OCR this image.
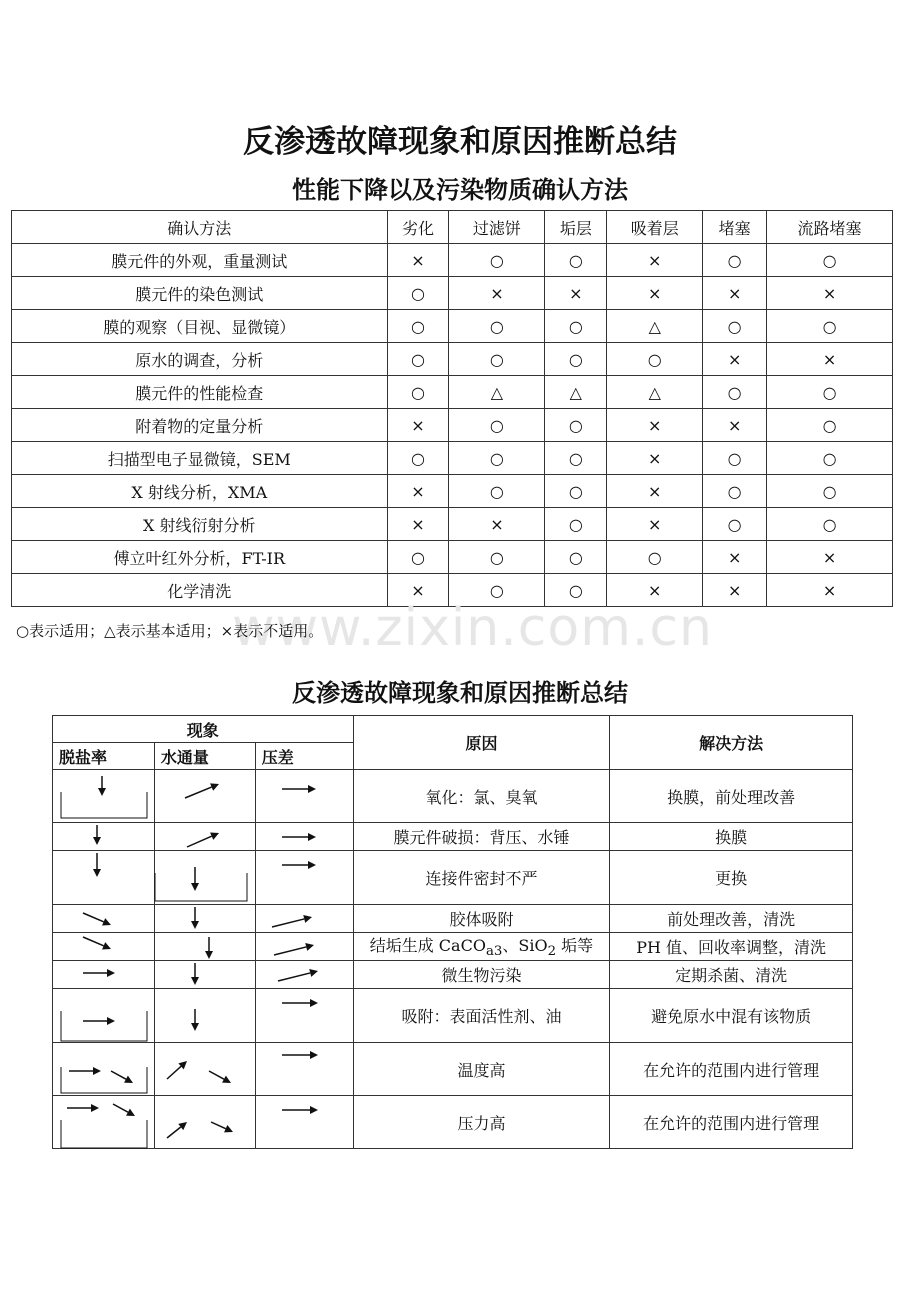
反渗透故障现象和原因推断总结
性能下降以及污染物质确认方法
确认方法	劣化	过滤饼	垢层	吸着层	堵塞	流路堵塞
膜元件的外观，重量测试	×	○	○	×	○	○
膜元件的染色测试	○	×	×	×	×	×
膜的观察（目视、显微镜）	○	○	○	△	○	○
原水的调查，分析	○	○	○	○	×	×
膜元件的性能检查	○	△	△	△	○	○
附着物的定量分析	×	○	○	×	×	○
扫描型电子显微镜，SEM	○	○	○	×	○	○
X 射线分析，XMA	×	○	○	×	○	○
X 射线衍射分析	×	×	○	×	○	○
傅立叶红外分析，FT-IR	○	○	○	○	×	×
化学清洗	×	○	○	×	×	×
www.zixin.com.cn
○表示适用；△表示基本适用；×表示不适用。
反渗透故障现象和原因推断总结
现象			原因	解决方法
脱盐率	水通量	压差		

	氧化：氯、臭氧	换膜，前处理改善

	膜元件破损：背压、水锤	换膜

	连接件密封不严	更换

	胶体吸附	前处理改善，清洗

	结垢生成 CaCO$_{a3}$、SiO$_2$ 垢等	PH 值、回收率调整，清洗

	微生物污染	定期杀菌、清洗

	吸附：表面活性剂、油	避免原水中混有该物质

	温度高	在允许的范围内进行管理

	压力高	在允许的范围内进行管理
